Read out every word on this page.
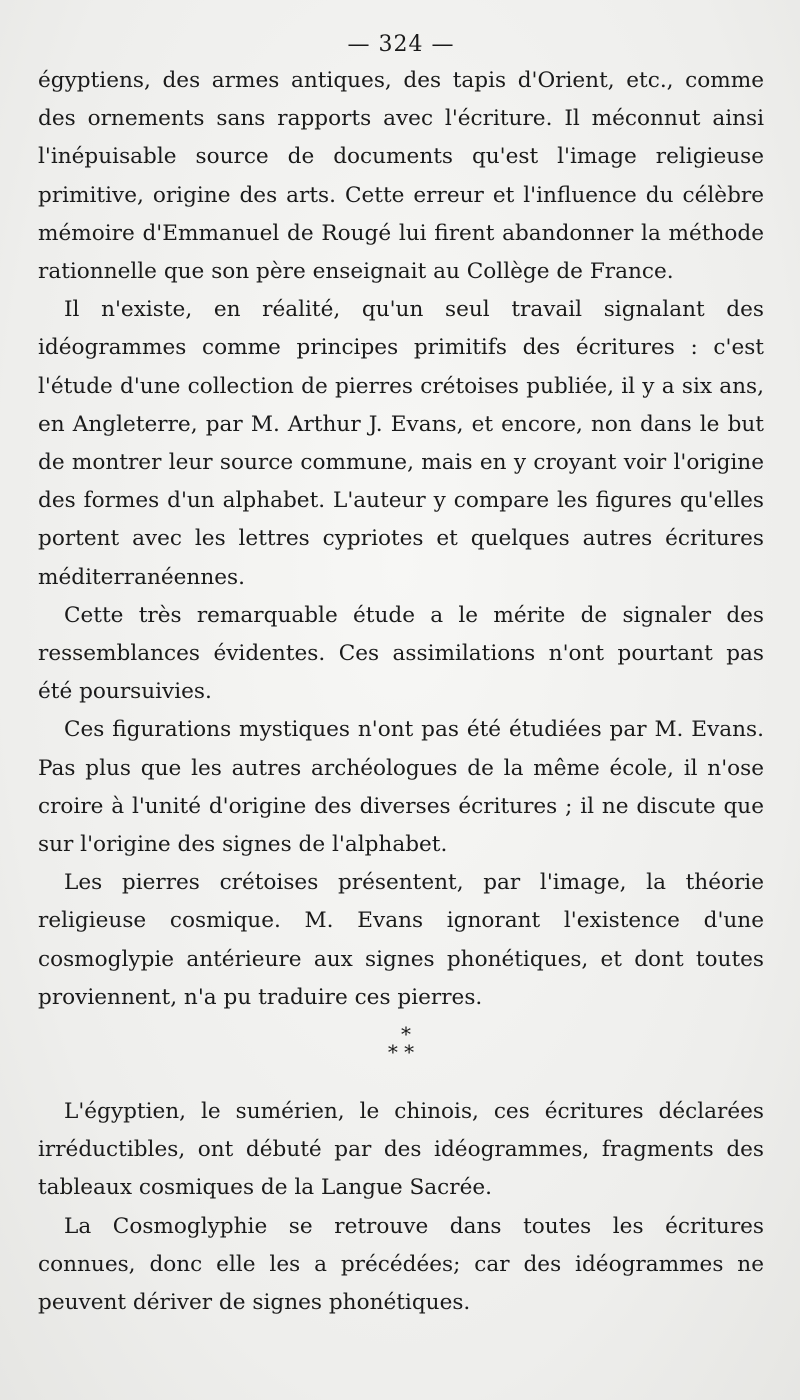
— 324 —

égyptiens, des armes antiques, des tapis d'Orient, etc., comme des ornements sans rapports avec l'écriture. Il méconnut ainsi l'inépuisable source de documents qu'est l'image religieuse primitive, origine des arts. Cette erreur et l'influence du célèbre mémoire d'Emmanuel de Rougé lui firent abandonner la méthode rationnelle que son père enseignait au Collège de France.

Il n'existe, en réalité, qu'un seul travail signalant des idéogrammes comme principes primitifs des écritures : c'est l'étude d'une collection de pierres crétoises publiée, il y a six ans, en Angleterre, par M. Arthur J. Evans, et encore, non dans le but de montrer leur source commune, mais en y croyant voir l'origine des formes d'un alphabet. L'auteur y compare les figures qu'elles portent avec les lettres cypriotes et quelques autres écritures méditerranéennes.

Cette très remarquable étude a le mérite de signaler des ressemblances évidentes. Ces assimilations n'ont pourtant pas été poursuivies.

Ces figurations mystiques n'ont pas été étudiées par M. Evans. Pas plus que les autres archéologues de la même école, il n'ose croire à l'unité d'origine des diverses écritures ; il ne discute que sur l'origine des signes de l'alphabet.

Les pierres crétoises présentent, par l'image, la théorie religieuse cosmique. M. Evans ignorant l'existence d'une cosmoglypie antérieure aux signes phonétiques, et dont toutes proviennent, n'a pu traduire ces pierres.

*
* *

L'égyptien, le sumérien, le chinois, ces écritures déclarées irréductibles, ont débuté par des idéogrammes, fragments des tableaux cosmiques de la Langue Sacrée.

La Cosmoglyphie se retrouve dans toutes les écritures connues, donc elle les a précédées; car des idéogrammes ne peuvent dériver de signes phonétiques.
